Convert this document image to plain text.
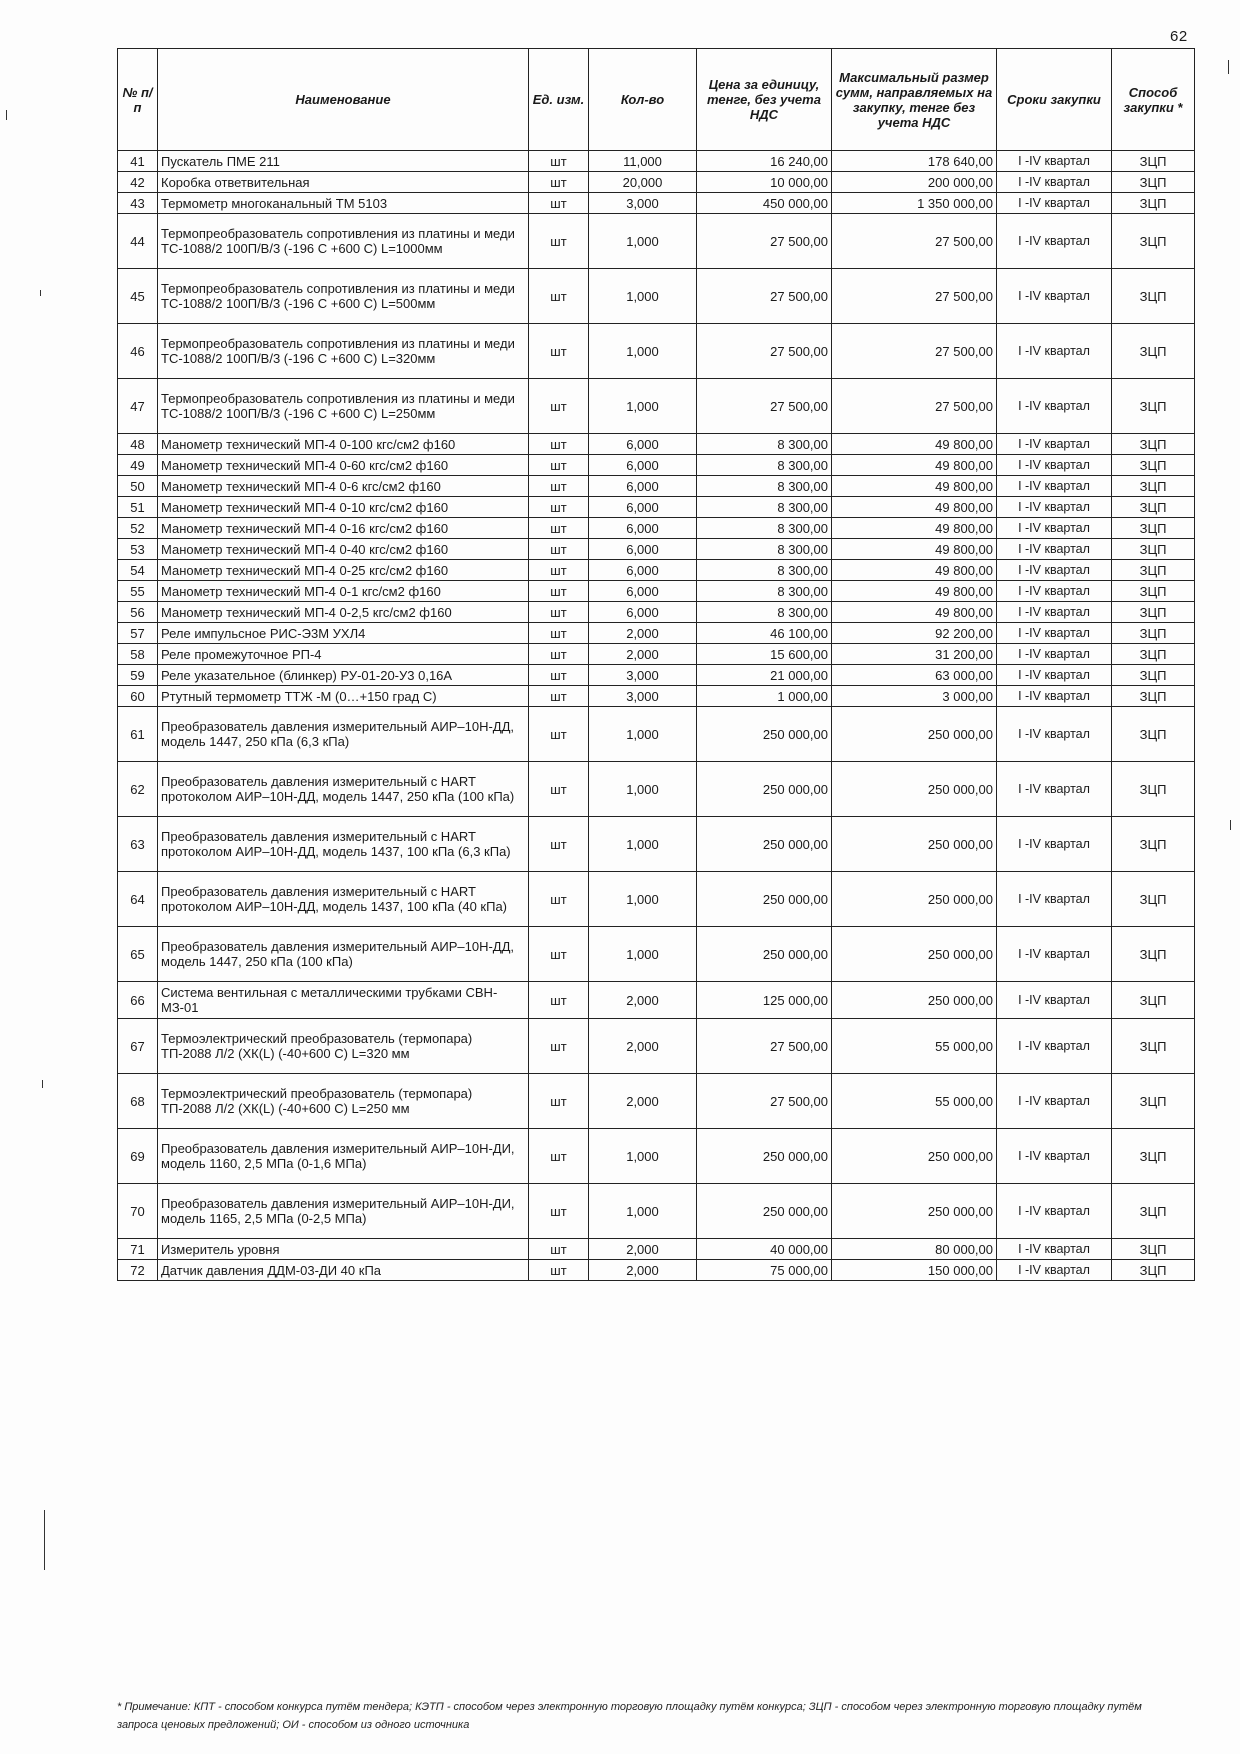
62
№ п/п	Наименование	Ед. изм.	Кол-во	Цена за единицу, тенге, без учета НДС	Максимальный размер сумм, направляемых на закупку, тенге без учета НДС	Сроки закупки	Способ закупки *
41	Пускатель ПМЕ 211	шт	11,000	16 240,00	178 640,00	I -IV квартал	ЗЦП
42	Коробка ответвительная	шт	20,000	10 000,00	200 000,00	I -IV квартал	ЗЦП
43	Термометр многоканальный ТМ 5103	шт	3,000	450 000,00	1 350 000,00	I -IV квартал	ЗЦП
44	Термопреобразователь сопротивления из платины и меди ТС-1088/2 100П/В/3 (-196 С +600 С) L=1000мм	шт	1,000	27 500,00	27 500,00	I -IV квартал	ЗЦП
45	Термопреобразователь сопротивления из платины и меди ТС-1088/2 100П/В/3 (-196 С +600 С) L=500мм	шт	1,000	27 500,00	27 500,00	I -IV квартал	ЗЦП
46	Термопреобразователь сопротивления из платины и меди ТС-1088/2 100П/В/3 (-196 С +600 С) L=320мм	шт	1,000	27 500,00	27 500,00	I -IV квартал	ЗЦП
47	Термопреобразователь сопротивления из платины и меди ТС-1088/2 100П/В/3 (-196 С +600 С) L=250мм	шт	1,000	27 500,00	27 500,00	I -IV квартал	ЗЦП
48	Манометр технический МП-4 0-100 кгс/см2 ф160	шт	6,000	8 300,00	49 800,00	I -IV квартал	ЗЦП
49	Манометр технический МП-4 0-60 кгс/см2 ф160	шт	6,000	8 300,00	49 800,00	I -IV квартал	ЗЦП
50	Манометр технический МП-4 0-6 кгс/см2 ф160	шт	6,000	8 300,00	49 800,00	I -IV квартал	ЗЦП
51	Манометр технический МП-4 0-10 кгс/см2 ф160	шт	6,000	8 300,00	49 800,00	I -IV квартал	ЗЦП
52	Манометр технический МП-4 0-16 кгс/см2 ф160	шт	6,000	8 300,00	49 800,00	I -IV квартал	ЗЦП
53	Манометр технический МП-4 0-40 кгс/см2 ф160	шт	6,000	8 300,00	49 800,00	I -IV квартал	ЗЦП
54	Манометр технический МП-4 0-25 кгс/см2 ф160	шт	6,000	8 300,00	49 800,00	I -IV квартал	ЗЦП
55	Манометр технический МП-4 0-1 кгс/см2 ф160	шт	6,000	8 300,00	49 800,00	I -IV квартал	ЗЦП
56	Манометр технический МП-4 0-2,5 кгс/см2 ф160	шт	6,000	8 300,00	49 800,00	I -IV квартал	ЗЦП
57	Реле импульсное РИС-Э3М УХЛ4	шт	2,000	46 100,00	92 200,00	I -IV квартал	ЗЦП
58	Реле промежуточное РП-4	шт	2,000	15 600,00	31 200,00	I -IV квартал	ЗЦП
59	Реле указательное (блинкер) РУ-01-20-У3 0,16А	шт	3,000	21 000,00	63 000,00	I -IV квартал	ЗЦП
60	Ртутный термометр ТТЖ -М (0…+150 град С)	шт	3,000	1 000,00	3 000,00	I -IV квартал	ЗЦП
61	Преобразователь давления измерительный АИР–10Н-ДД, модель 1447, 250 кПа (6,3 кПа)	шт	1,000	250 000,00	250 000,00	I -IV квартал	ЗЦП
62	Преобразователь давления измерительный с HART протоколом АИР–10Н-ДД, модель 1447, 250 кПа (100 кПа)	шт	1,000	250 000,00	250 000,00	I -IV квартал	ЗЦП
63	Преобразователь давления измерительный с HART протоколом АИР–10Н-ДД, модель 1437, 100 кПа (6,3 кПа)	шт	1,000	250 000,00	250 000,00	I -IV квартал	ЗЦП
64	Преобразователь давления измерительный с HART протоколом АИР–10Н-ДД, модель 1437, 100 кПа (40 кПа)	шт	1,000	250 000,00	250 000,00	I -IV квартал	ЗЦП
65	Преобразователь давления измерительный АИР–10Н-ДД, модель 1447, 250 кПа (100 кПа)	шт	1,000	250 000,00	250 000,00	I -IV квартал	ЗЦП
66	Система вентильная с металлическими трубками СВН-МЗ-01	шт	2,000	125 000,00	250 000,00	I -IV квартал	ЗЦП
67	Термоэлектрический преобразователь (термопара) ТП-2088 Л/2 (ХК(L) (-40+600 С) L=320 мм	шт	2,000	27 500,00	55 000,00	I -IV квартал	ЗЦП
68	Термоэлектрический преобразователь (термопара) ТП-2088 Л/2 (ХК(L) (-40+600 С) L=250 мм	шт	2,000	27 500,00	55 000,00	I -IV квартал	ЗЦП
69	Преобразователь давления измерительный АИР–10Н-ДИ, модель 1160, 2,5 МПа (0-1,6 МПа)	шт	1,000	250 000,00	250 000,00	I -IV квартал	ЗЦП
70	Преобразователь давления измерительный АИР–10Н-ДИ, модель 1165, 2,5 МПа (0-2,5 МПа)	шт	1,000	250 000,00	250 000,00	I -IV квартал	ЗЦП
71	Измеритель уровня	шт	2,000	40 000,00	80 000,00	I -IV квартал	ЗЦП
72	Датчик давления ДДМ-03-ДИ 40 кПа	шт	2,000	75 000,00	150 000,00	I -IV квартал	ЗЦП
* Примечание: КПТ - способом конкурса путём тендера; КЭТП - способом через электронную торговую площадку путём конкурса; ЗЦП - способом через электронную торговую площадку путём запроса ценовых предложений; ОИ - способом из одного источника
